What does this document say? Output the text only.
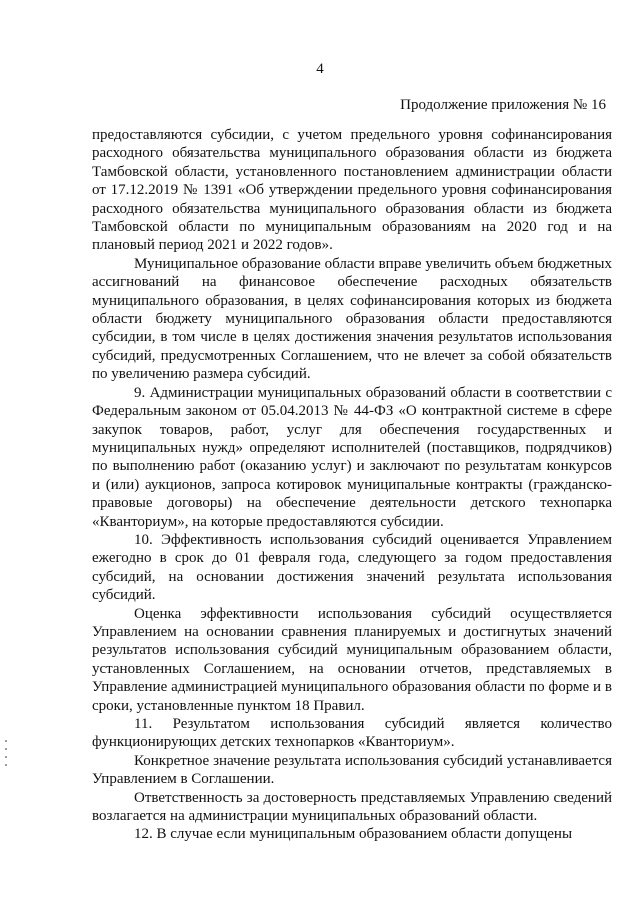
4
Продолжение приложения № 16

предоставляются субсидии, с учетом предельного уровня софинансирования расходного обязательства муниципального образования области из бюджета Тамбовской области, установленного постановлением администрации области от 17.12.2019 № 1391 «Об утверждении предельного уровня софинансирования расходного обязательства муниципального образования области из бюджета Тамбовской области по муниципальным образованиям на 2020 год и на плановый период 2021 и 2022 годов».

Муниципальное образование области вправе увеличить объем бюджетных ассигнований на финансовое обеспечение расходных обязательств муниципального образования, в целях софинансирования которых из бюджета области бюджету муниципального образования области предоставляются субсидии, в том числе в целях достижения значения результатов использования субсидий, предусмотренных Соглашением, что не влечет за собой обязательств по увеличению размера субсидий.

9. Администрации муниципальных образований области в соответствии с Федеральным законом от 05.04.2013 № 44-ФЗ «О контрактной системе в сфере закупок товаров, работ, услуг для обеспечения государственных и муниципальных нужд» определяют исполнителей (поставщиков, подрядчиков) по выполнению работ (оказанию услуг) и заключают по результатам конкурсов и (или) аукционов, запроса котировок муниципальные контракты (гражданско-правовые договоры) на обеспечение деятельности детского технопарка «Кванториум», на которые предоставляются субсидии.

10. Эффективность использования субсидий оценивается Управлением ежегодно в срок до 01 февраля года, следующего за годом предоставления субсидий, на основании достижения значений результата использования субсидий.

Оценка эффективности использования субсидий осуществляется Управлением на основании сравнения планируемых и достигнутых значений результатов использования субсидий муниципальным образованием области, установленных Соглашением, на основании отчетов, представляемых в Управление администрацией муниципального образования области по форме и в сроки, установленные пунктом 18 Правил.

11. Результатом использования субсидий является количество функционирующих детских технопарков «Кванториум».

Конкретное значение результата использования субсидий устанавливается Управлением в Соглашении.

Ответственность за достоверность представляемых Управлению сведений возлагается на администрации муниципальных образований области.

12. В случае если муниципальным образованием области допущены
